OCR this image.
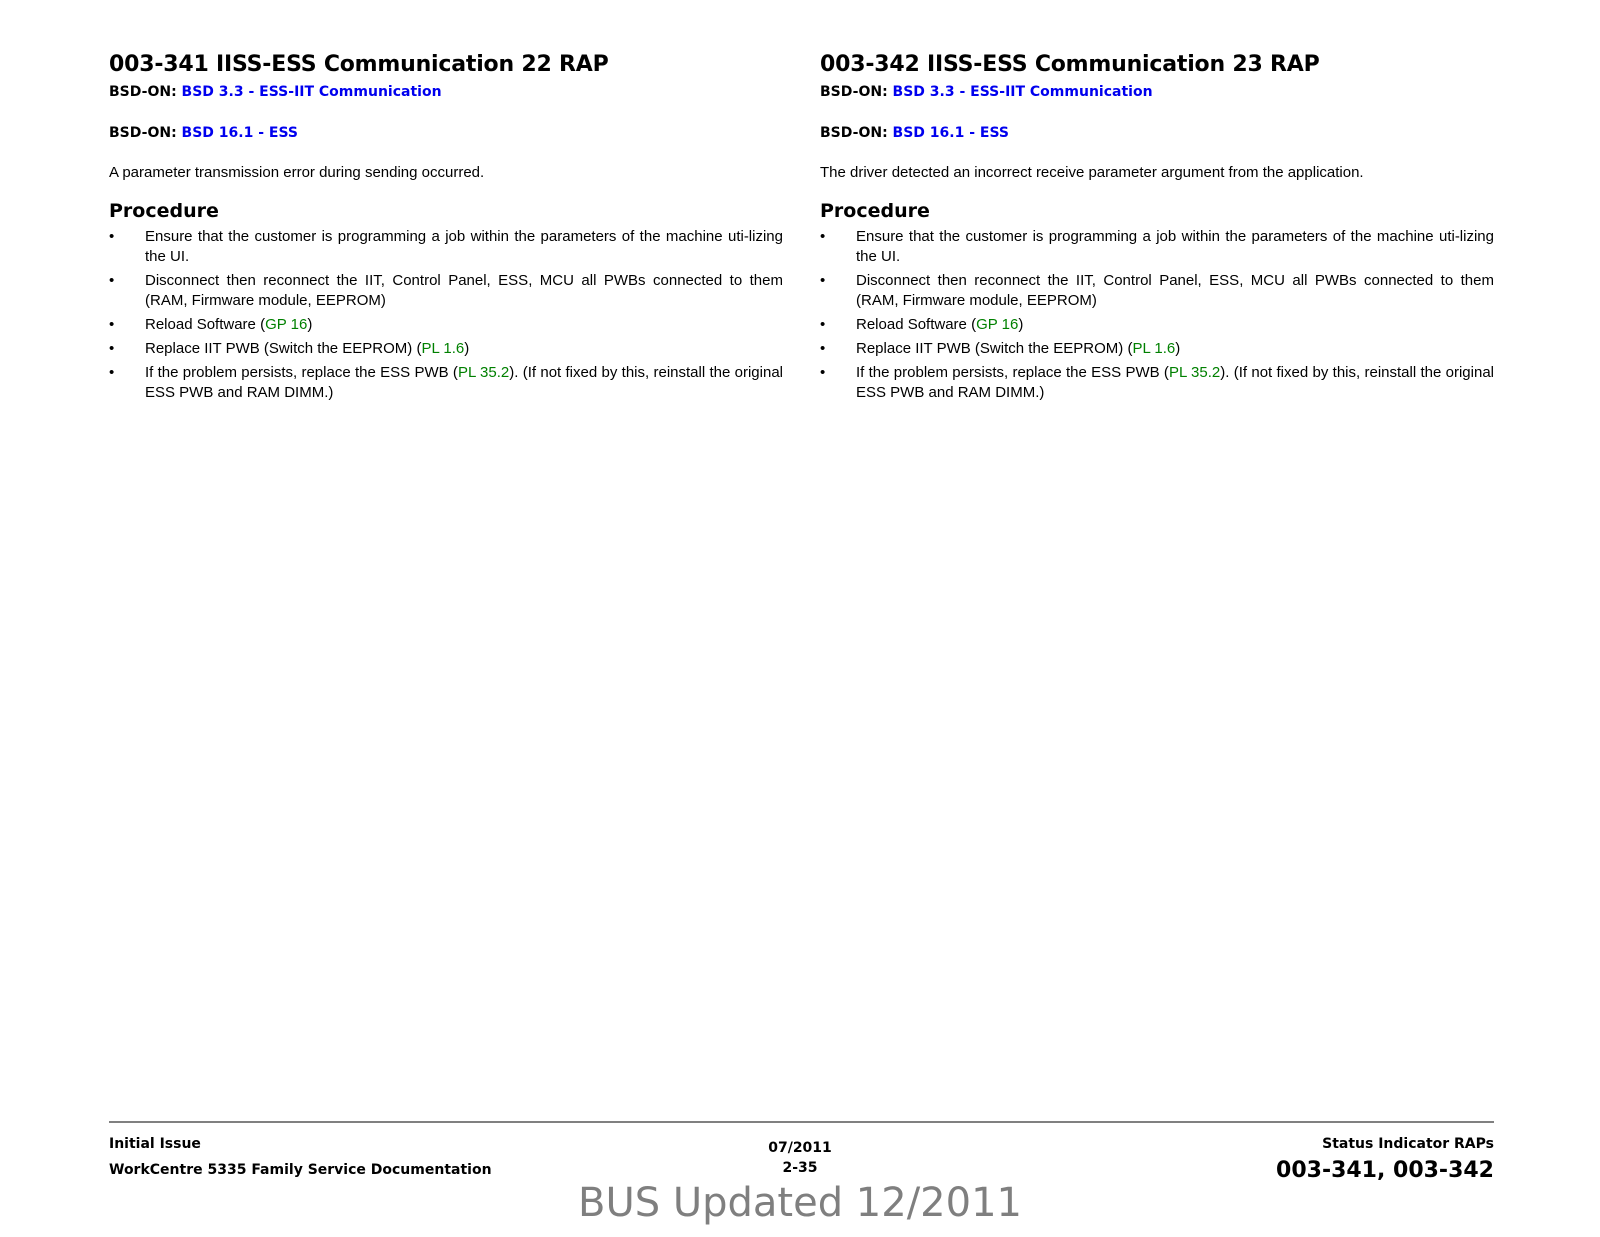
003-341 IISS-ESS Communication 22 RAP

BSD-ON: BSD 3.3 - ESS-IIT Communication

BSD-ON: BSD 16.1 - ESS

A parameter transmission error during sending occurred.

Procedure
• Ensure that the customer is programming a job within the parameters of the machine uti-lizing the UI.
• Disconnect then reconnect the IIT, Control Panel, ESS, MCU all PWBs connected to them (RAM, Firmware module, EEPROM)
• Reload Software (GP 16)
• Replace IIT PWB (Switch the EEPROM) (PL 1.6)
• If the problem persists, replace the ESS PWB (PL 35.2). (If not fixed by this, reinstall the original ESS PWB and RAM DIMM.)
003-342 IISS-ESS Communication 23 RAP

BSD-ON: BSD 3.3 - ESS-IIT Communication

BSD-ON: BSD 16.1 - ESS

The driver detected an incorrect receive parameter argument from the application.

Procedure
• Ensure that the customer is programming a job within the parameters of the machine uti-lizing the UI.
• Disconnect then reconnect the IIT, Control Panel, ESS, MCU all PWBs connected to them (RAM, Firmware module, EEPROM)
• Reload Software (GP 16)
• Replace IIT PWB (Switch the EEPROM) (PL 1.6)
• If the problem persists, replace the ESS PWB (PL 35.2). (If not fixed by this, reinstall the original ESS PWB and RAM DIMM.)

Initial Issue

WorkCentre 5335 Family Service Documentation

07/2011

2-35

Status Indicator RAPs

003-341, 003-342

BUS Updated 12/2011
